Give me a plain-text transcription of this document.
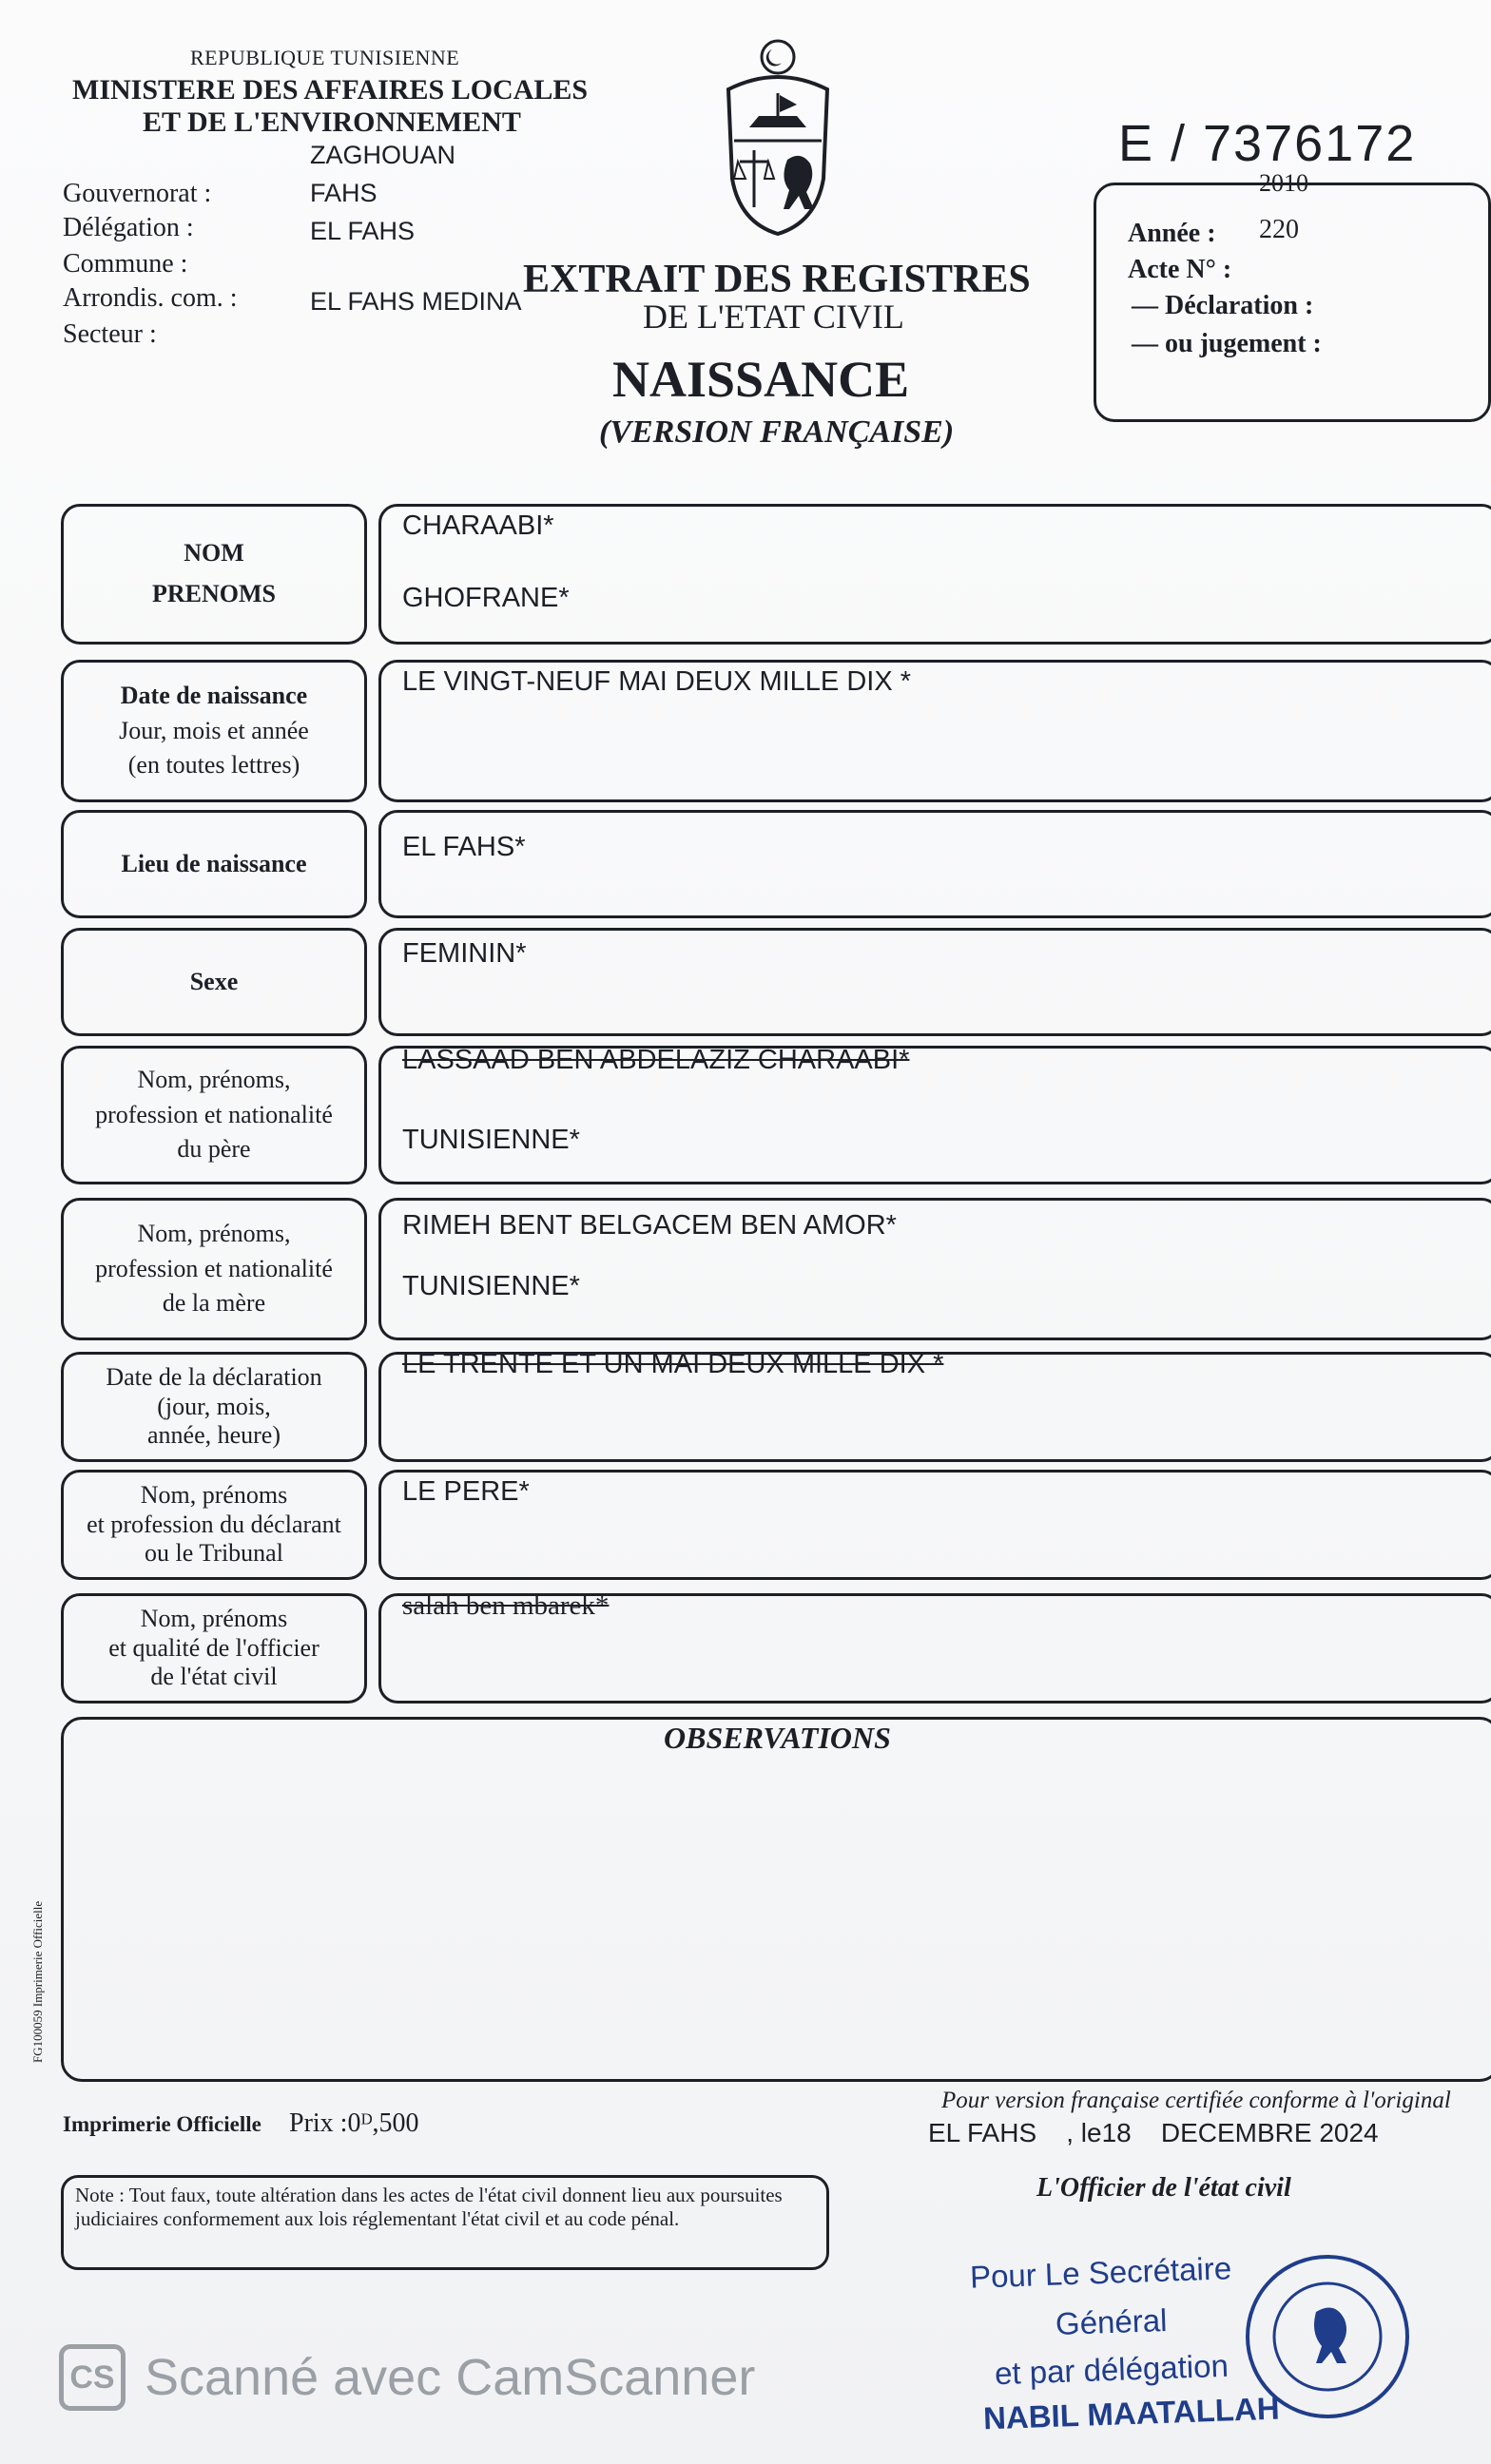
REPUBLIQUE TUNISIENNE
MINISTERE DES AFFAIRES LOCALES
ET DE L'ENVIRONNEMENT
ZAGHOUAN
Gouvernorat :
Délégation :
Commune :
Arrondis. com. :
Secteur :
FAHS
EL FAHS
EL FAHS MEDINA EXTRAIT DES REGISTRES
DE L'ETAT CIVIL
NAISSANCE
(VERSION FRANÇAISE)
E / 7376172
2010
Année : 220
Acte N° :
— Déclaration :
— ou jugement :
NOM
PRENOMS
CHARAABI*
GHOFRANE*
Date de naissance
Jour, mois et année
(en toutes lettres)
LE VINGT-NEUF MAI DEUX MILLE DIX *
Lieu de naissance
EL FAHS*
Sexe
FEMININ*
Nom, prénoms,
profession et nationalité
du père
LASSAAD BEN ABDELAZIZ CHARAABI*
TUNISIENNE*
Nom, prénoms,
profession et nationalité
de la mère
RIMEH BENT BELGACEM BEN AMOR*
TUNISIENNE*
Date de la déclaration
(jour, mois,
année, heure)
LE TRENTE ET UN MAI DEUX MILLE DIX *
Nom, prénoms
et profession du déclarant
ou le Tribunal
LE PERE*
Nom, prénoms
et qualité de l'officier
de l'état civil
salah ben mbarek*
OBSERVATIONS
FG100059 Imprimerie Officielle
Imprimerie Officielle Prix :0ᴰ,500
Pour version française certifiée conforme à l'original
EL FAHS    , le18    DECEMBRE 2024
L'Officier de l'état civil
Note : Tout faux, toute altération dans les actes de l'état civil donnent lieu aux poursuites judiciaires conformement aux lois réglementant l'état civil et au code pénal.
Pour Le Secrétaire
Général
et par délégation
NABIL MAATALLAH
CS Scanné avec CamScanner
